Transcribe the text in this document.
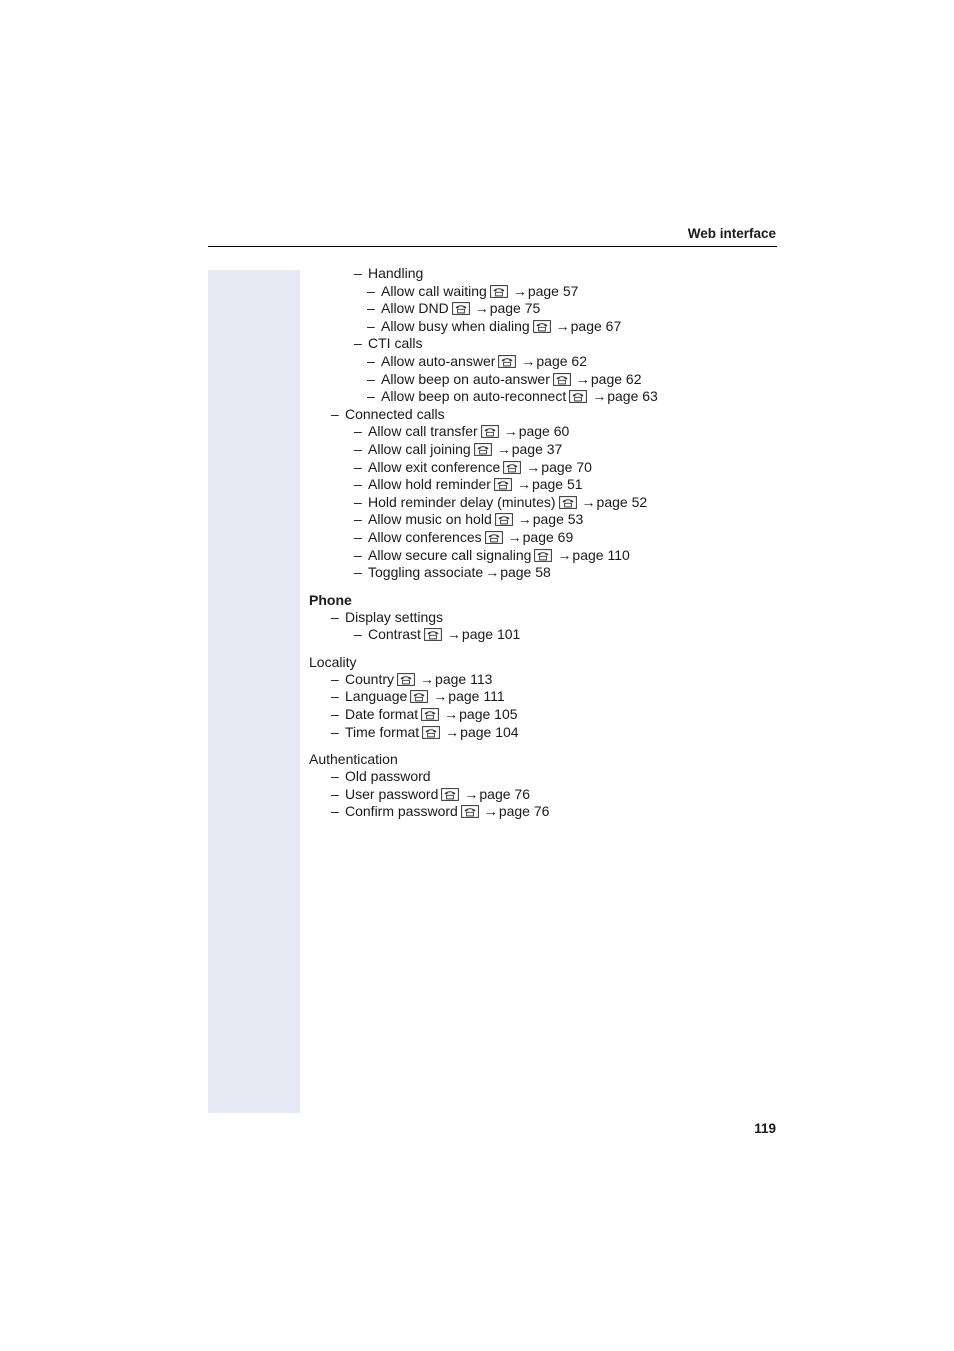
Web interface
– Handling
– Allow call waiting →page 57
– Allow DND →page 75
– Allow busy when dialing →page 67
– CTI calls
– Allow auto-answer →page 62
– Allow beep on auto-answer →page 62
– Allow beep on auto-reconnect →page 63
– Connected calls
– Allow call transfer →page 60
– Allow call joining →page 37
– Allow exit conference →page 70
– Allow hold reminder →page 51
– Hold reminder delay (minutes) →page 52
– Allow music on hold →page 53
– Allow conferences →page 69
– Allow secure call signaling →page 110
– Toggling associate →page 58
Phone
– Display settings
– Contrast →page 101
Locality
– Country →page 113
– Language →page 111
– Date format →page 105
– Time format →page 104
Authentication
– Old password
– User password →page 76
– Confirm password →page 76
119
